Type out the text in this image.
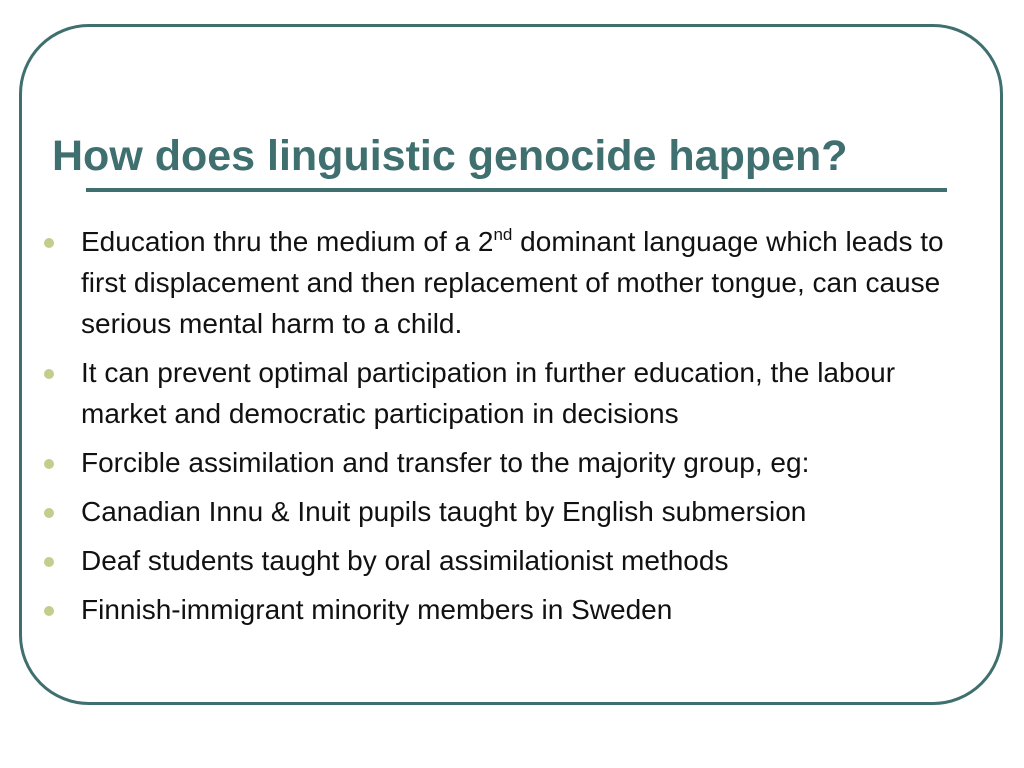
How does linguistic genocide happen?
Education thru the medium of a 2nd dominant language which leads to first displacement and then replacement of mother tongue, can cause serious mental harm to a child.
It can prevent optimal participation in further education, the labour market and democratic participation in decisions
Forcible assimilation and transfer to the majority group, eg:
Canadian Innu & Inuit pupils taught by English submersion
Deaf students taught by oral assimilationist methods
Finnish-immigrant minority members in Sweden
